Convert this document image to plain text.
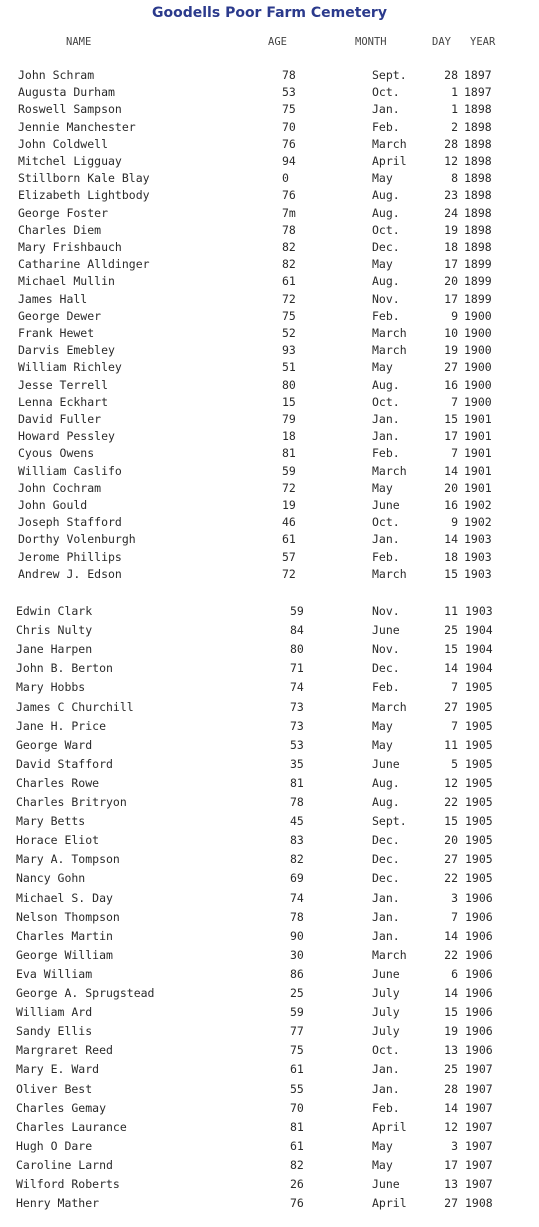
Goodells Poor Farm Cemetery
NAME	AGE	MONTH	DAY YEAR
John Schram	78	Sept.	28 1897
Augusta Durham	53	Oct.	1 1897
Roswell Sampson	75	Jan.	1 1898
Jennie Manchester	70	Feb.	2 1898
John Coldwell	76	March	28 1898
Mitchel Ligguay	94	April	12 1898
Stillborn Kale Blay	0	May	8 1898
Elizabeth Lightbody	76	Aug.	23 1898
George Foster	7m	Aug.	24 1898
Charles Diem	78	Oct.	19 1898
Mary Frishbauch	82	Dec.	18 1898
Catharine Alldinger	82	May	17 1899
Michael Mullin	61	Aug.	20 1899
James Hall	72	Nov.	17 1899
George Dewer	75	Feb.	9 1900
Frank Hewet	52	March	10 1900
Darvis Emebley	93	March	19 1900
William Richley	51	May	27 1900
Jesse Terrell	80	Aug.	16 1900
Lenna Eckhart	15	Oct.	7 1900
David Fuller	79	Jan.	15 1901
Howard Pessley	18	Jan.	17 1901
Cyous Owens	81	Feb.	7 1901
William Caslifo	59	March	14 1901
John Cochram	72	May	20 1901
John Gould	19	June	16 1902
Joseph Stafford	46	Oct.	9 1902
Dorthy Volenburgh	61	Jan.	14 1903
Jerome Phillips	57	Feb.	18 1903
Andrew J. Edson	72	March	15 1903
Edwin Clark	59	Nov.	11 1903
Chris Nulty	84	June	25 1904
Jane Harpen	80	Nov.	15 1904
John B. Berton	71	Dec.	14 1904
Mary Hobbs	74	Feb.	7 1905
James C Churchill	73	March	27 1905
Jane H. Price	73	May	7 1905
George Ward	53	May	11 1905
David Stafford	35	June	5 1905
Charles Rowe	81	Aug.	12 1905
Charles Britryon	78	Aug.	22 1905
Mary Betts	45	Sept.	15 1905
Horace Eliot	83	Dec.	20 1905
Mary A. Tompson	82	Dec.	27 1905
Nancy Gohn	69	Dec.	22 1905
Michael S. Day	74	Jan.	3 1906
Nelson Thompson	78	Jan.	7 1906
Charles Martin	90	Jan.	14 1906
George William	30	March	22 1906
Eva William	86	June	6 1906
George A. Sprugstead	25	July	14 1906
William Ard	59	July	15 1906
Sandy Ellis	77	July	19 1906
Margraret Reed	75	Oct.	13 1906
Mary E. Ward	61	Jan.	25 1907
Oliver Best	55	Jan.	28 1907
Charles Gemay	70	Feb.	14 1907
Charles Laurance	81	April	12 1907
Hugh O Dare	61	May	3 1907
Caroline Larnd	82	May	17 1907
Wilford Roberts	26	June	13 1907
Henry Mather	76	April	27 1908
